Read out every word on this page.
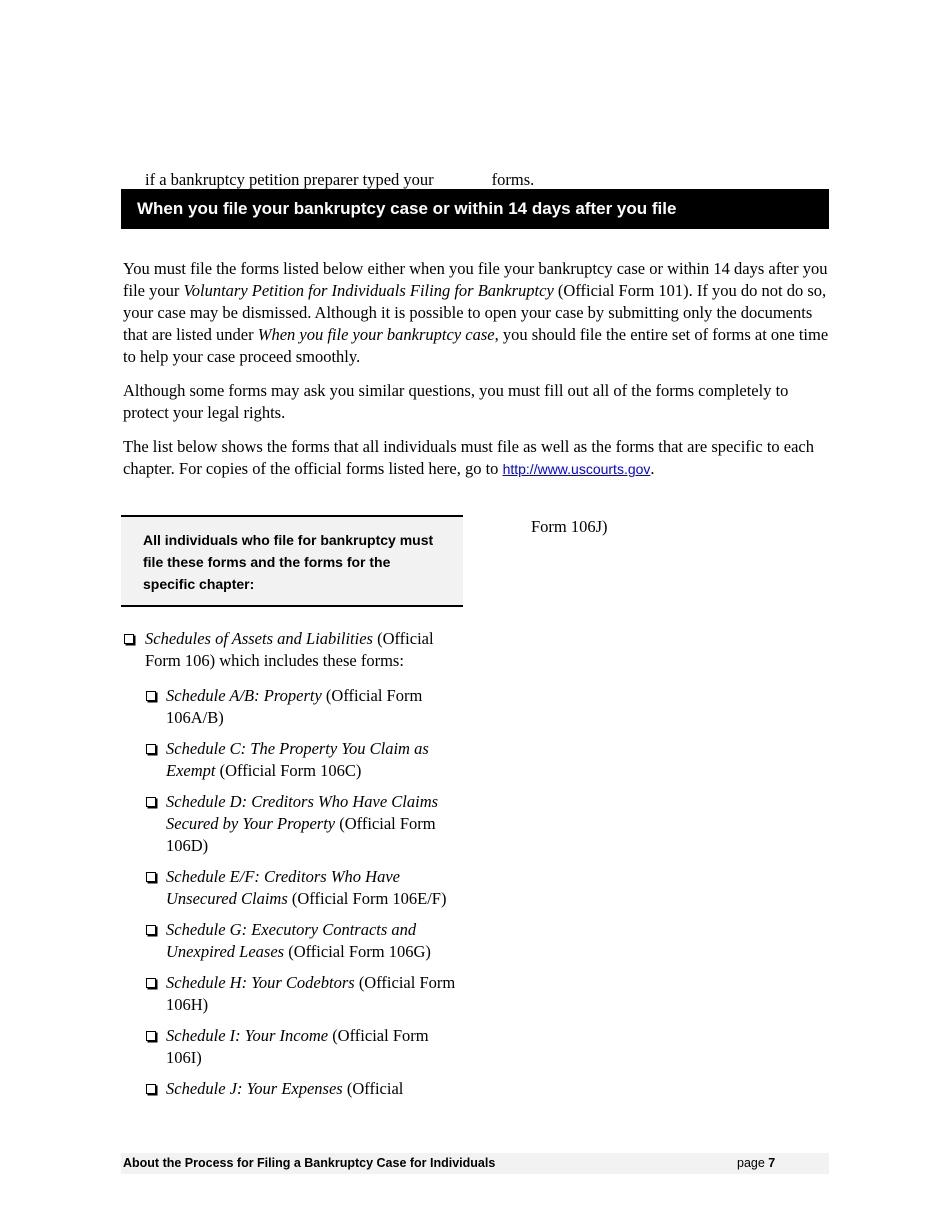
if a bankruptcy petition preparer typed your	forms.
When you file your bankruptcy case or within 14 days after you file

You must file the forms listed below either when you file your bankruptcy case or within 14 days after you file your Voluntary Petition for Individuals Filing for Bankruptcy (Official Form 101). If you do not do so, your case may be dismissed. Although it is possible to open your case by submitting only the documents that are listed under When you file your bankruptcy case, you should file the entire set of forms at one time to help your case proceed smoothly.

Although some forms may ask you similar questions, you must fill out all of the forms completely to protect your legal rights.

The list below shows the forms that all individuals must file as well as the forms that are specific to each chapter. For copies of the official forms listed here, go to http://www.uscourts.gov.

All individuals who file for bankruptcy must file these forms and the forms for the specific chapter:
Form 106J)
Schedules of Assets and Liabilities (Official Form 106) which includes these forms:
Schedule A/B: Property (Official Form 106A/B)
Schedule C: The Property You Claim as Exempt (Official Form 106C)
Schedule D: Creditors Who Have Claims Secured by Your Property (Official Form 106D)
Schedule E/F: Creditors Who Have Unsecured Claims (Official Form 106E/F)
Schedule G: Executory Contracts and Unexpired Leases (Official Form 106G)
Schedule H: Your Codebtors (Official Form 106H)
Schedule I: Your Income (Official Form 106I)
Schedule J: Your Expenses (Official
About the Process for Filing a Bankruptcy Case for Individuals	page 7
